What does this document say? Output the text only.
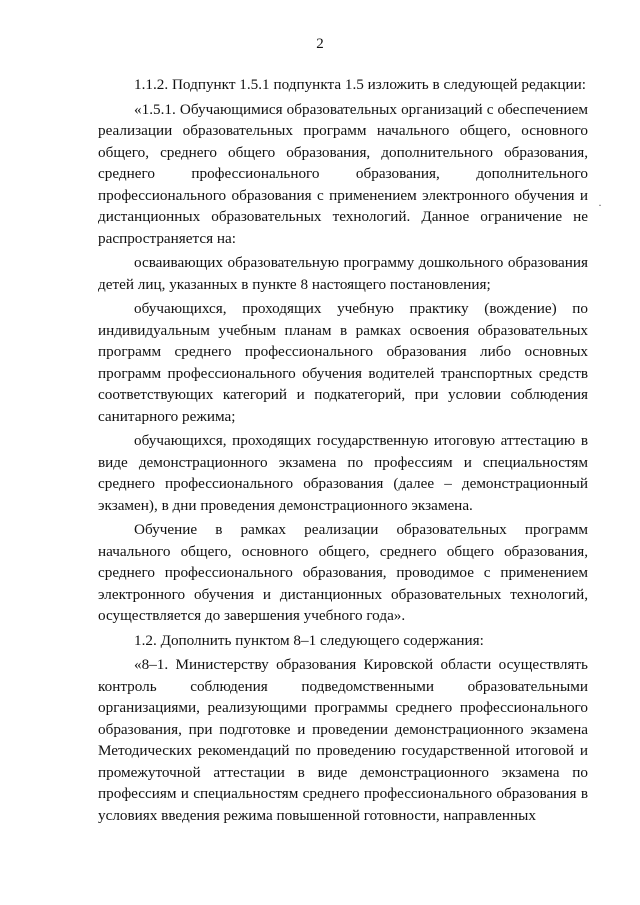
2

1.1.2. Подпункт 1.5.1 подпункта 1.5 изложить в следующей редакции:

«1.5.1. Обучающимися образовательных организаций с обеспечением реализации образовательных программ начального общего, основного общего, среднего общего образования, дополнительного образования, среднего профессионального образования, дополнительного профессионального образования с применением электронного обучения и дистанционных образовательных технологий. Данное ограничение не распространяется на:

осваивающих образовательную программу дошкольного образования детей лиц, указанных в пункте 8 настоящего постановления;

обучающихся, проходящих учебную практику (вождение) по индивидуальным учебным планам в рамках освоения образовательных программ среднего профессионального образования либо основных программ профессионального обучения водителей транспортных средств соответствующих категорий и подкатегорий, при условии соблюдения санитарного режима;

обучающихся, проходящих государственную итоговую аттестацию в виде демонстрационного экзамена по профессиям и специальностям среднего профессионального образования (далее – демонстрационный экзамен), в дни проведения демонстрационного экзамена.

Обучение в рамках реализации образовательных программ начального общего, основного общего, среднего общего образования, среднего профессионального образования, проводимое с применением электронного обучения и дистанционных образовательных технологий, осуществляется до завершения учебного года».

1.2. Дополнить пунктом 8–1 следующего содержания:

«8–1. Министерству образования Кировской области осуществлять контроль соблюдения подведомственными образовательными организациями, реализующими программы среднего профессионального образования, при подготовке и проведении демонстрационного экзамена Методических рекомендаций по проведению государственной итоговой и промежуточной аттестации в виде демонстрационного экзамена по профессиям и специальностям среднего профессионального образования в условиях введения режима повышенной готовности, направленных

·
